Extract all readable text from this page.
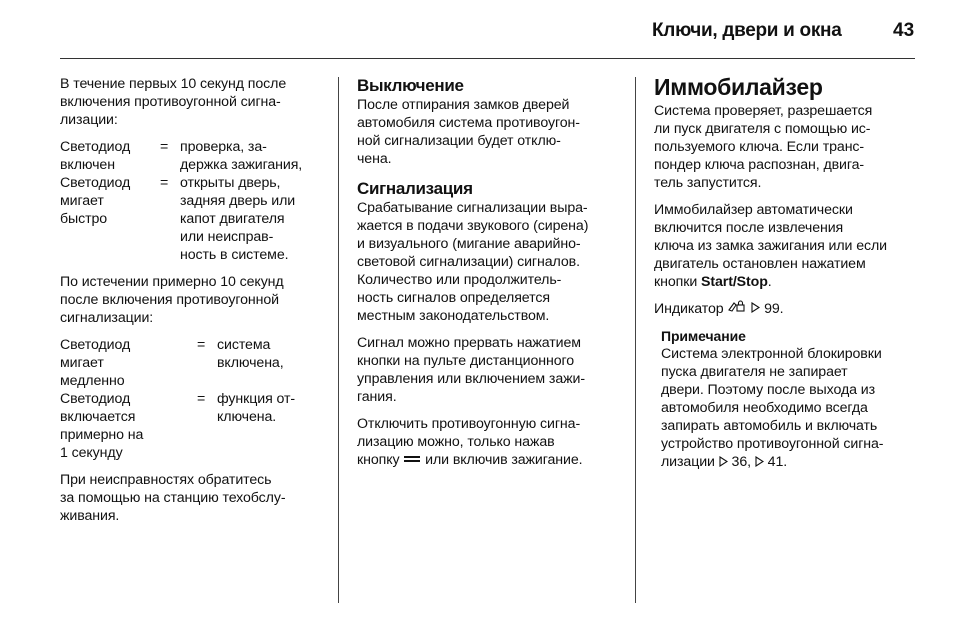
Ключи, двери и окна	43

В течение первых 10 секунд после
включения противоугонной сигна-
лизации:

Светодиод
включен
= проверка, за-
держка зажигания,
Светодиод
мигает
быстро
= открыты дверь,
задняя дверь или
капот двигателя
или неисправ-
ность в системе.

По истечении примерно 10 секунд
после включения противоугонной
сигнализации:

Светодиод
мигает
медленно
= система
включена,
Светодиод
включается
примерно на
1 секунду
= функция от-
ключена.

При неисправностях обратитесь
за помощью на станцию техобслу-
живания.

Выключение

После отпирания замков дверей
автомобиля система противоугон-
ной сигнализации будет отклю-
чена.

Сигнализация

Срабатывание сигнализации выра-
жается в подачи звукового (сирена)
и визуального (мигание аварийно-
световой сигнализации) сигналов.
Количество или продолжитель-
ность сигналов определяется
местным законодательством.

Сигнал можно прервать нажатием
кнопки на пульте дистанционного
управления или включением зажи-
гания.

Отключить противоугонную сигна-
лизацию можно, только нажав
кнопку  или включив зажигание.

Иммобилайзер

Система проверяет, разрешается
ли пуск двигателя с помощью ис-
пользуемого ключа. Если транс-
пондер ключа распознан, двига-
тель запустится.

Иммобилайзер автоматически
включится после извлечения
ключа из замка зажигания или если
двигатель остановлен нажатием
кнопки Start/Stop.

Индикатор   99.

Примечание

Система электронной блокировки
пуска двигателя не запирает
двери. Поэтому после выхода из
автомобиля необходимо всегда
запирать автомобиль и включать
устройство противоугонной сигна-
лизации  36,  41.
